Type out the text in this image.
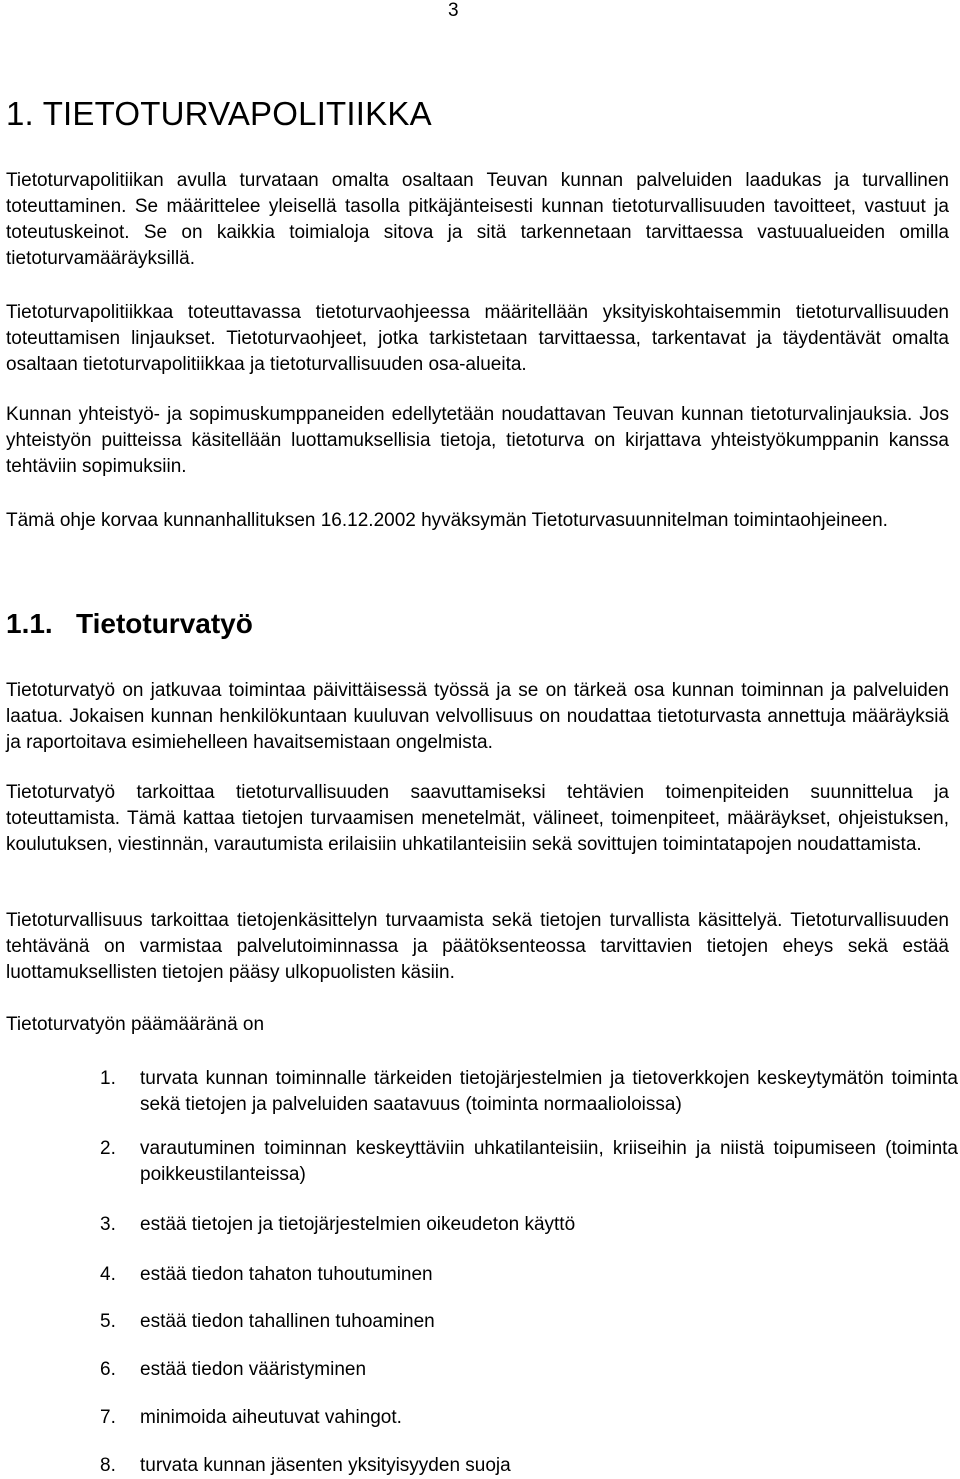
3
1. TIETOTURVAPOLITIIKKA

Tietoturvapolitiikan avulla turvataan omalta osaltaan Teuvan kunnan palveluiden laadukas ja turvallinen toteuttaminen. Se määrittelee yleisellä tasolla pitkäjänteisesti kunnan tietoturvallisuuden tavoitteet, vastuut ja toteutuskeinot. Se on kaikkia toimialoja sitova ja sitä tarkennetaan tarvittaessa vastuualueiden omilla tietoturvamääräyksillä.

Tietoturvapolitiikkaa toteuttavassa tietoturvaohjeessa määritellään yksityiskohtaisemmin tietoturvallisuuden toteuttamisen linjaukset. Tietoturvaohjeet, jotka tarkistetaan tarvittaessa, tarkentavat ja täydentävät omalta osaltaan tietoturvapolitiikkaa ja tietoturvallisuuden osa-alueita.

Kunnan yhteistyö- ja sopimuskumppaneiden edellytetään noudattavan Teuvan kunnan tietoturvalinjauksia. Jos yhteistyön puitteissa käsitellään luottamuksellisia tietoja, tietoturva on kirjattava yhteistyökumppanin kanssa tehtäviin sopimuksiin.

Tämä ohje korvaa kunnanhallituksen 16.12.2002 hyväksymän Tietoturvasuunnitelman toimintaohjeineen.

1.1. Tietoturvatyö

Tietoturvatyö on jatkuvaa toimintaa päivittäisessä työssä ja se on tärkeä osa kunnan toiminnan ja palveluiden laatua. Jokaisen kunnan henkilökuntaan kuuluvan velvollisuus on noudattaa tietoturvasta annettuja määräyksiä ja raportoitava esimiehelleen havaitsemistaan ongelmista.

Tietoturvatyö tarkoittaa tietoturvallisuuden saavuttamiseksi tehtävien toimenpiteiden suunnittelua ja toteuttamista. Tämä kattaa tietojen turvaamisen menetelmät, välineet, toimenpiteet, määräykset, ohjeistuksen, koulutuksen, viestinnän, varautumista erilaisiin uhkatilanteisiin sekä sovittujen toimintatapojen noudattamista.

Tietoturvallisuus tarkoittaa tietojenkäsittelyn turvaamista sekä tietojen turvallista käsittelyä. Tietoturvallisuuden tehtävänä on varmistaa palvelutoiminnassa ja päätöksenteossa tarvittavien tietojen eheys sekä estää luottamuksellisten tietojen pääsy ulkopuolisten käsiin.

Tietoturvatyön päämääränä on

1.	turvata kunnan toiminnalle tärkeiden tietojärjestelmien ja tietoverkkojen keskeytymätön toiminta sekä tietojen ja palveluiden saatavuus (toiminta normaalioloissa)
2.	varautuminen toiminnan keskeyttäviin uhkatilanteisiin, kriiseihin ja niistä toipumiseen (toiminta poikkeustilanteissa)
3.	estää tietojen ja tietojärjestelmien oikeudeton käyttö
4.	estää tiedon tahaton tuhoutuminen
5.	estää tiedon tahallinen tuhoaminen
6.	estää tiedon vääristyminen
7.	minimoida aiheutuvat vahingot.
8.	turvata kunnan jäsenten yksityisyyden suoja
